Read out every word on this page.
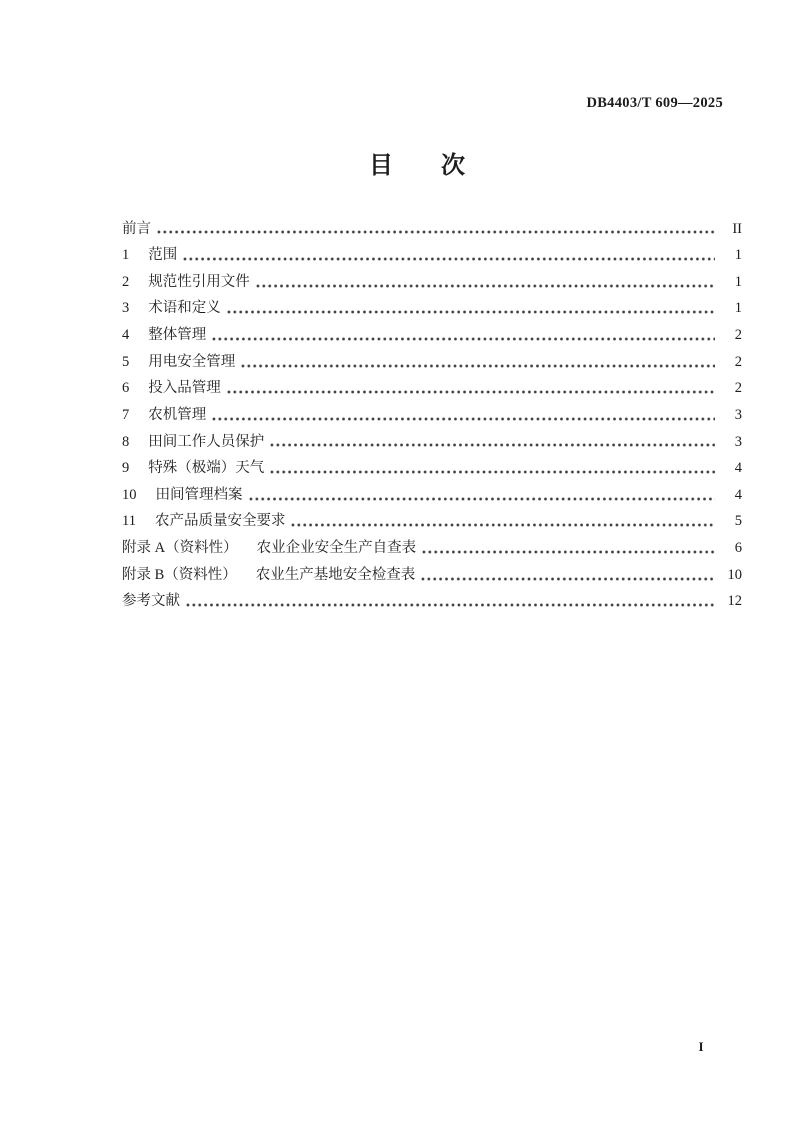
DB4403/T 609—2025
目　　次
前言	II
1 范围	1
2 规范性引用文件	1
3 术语和定义	1
4 整体管理	2
5 用电安全管理	2
6 投入品管理	2
7 农机管理	3
8 田间工作人员保护	3
9 特殊（极端）天气	4
10 田间管理档案	4
11 农产品质量安全要求	5
附录 A（资料性） 农业企业安全生产自查表	6
附录 B（资料性） 农业生产基地安全检查表	10
参考文献	12
I
